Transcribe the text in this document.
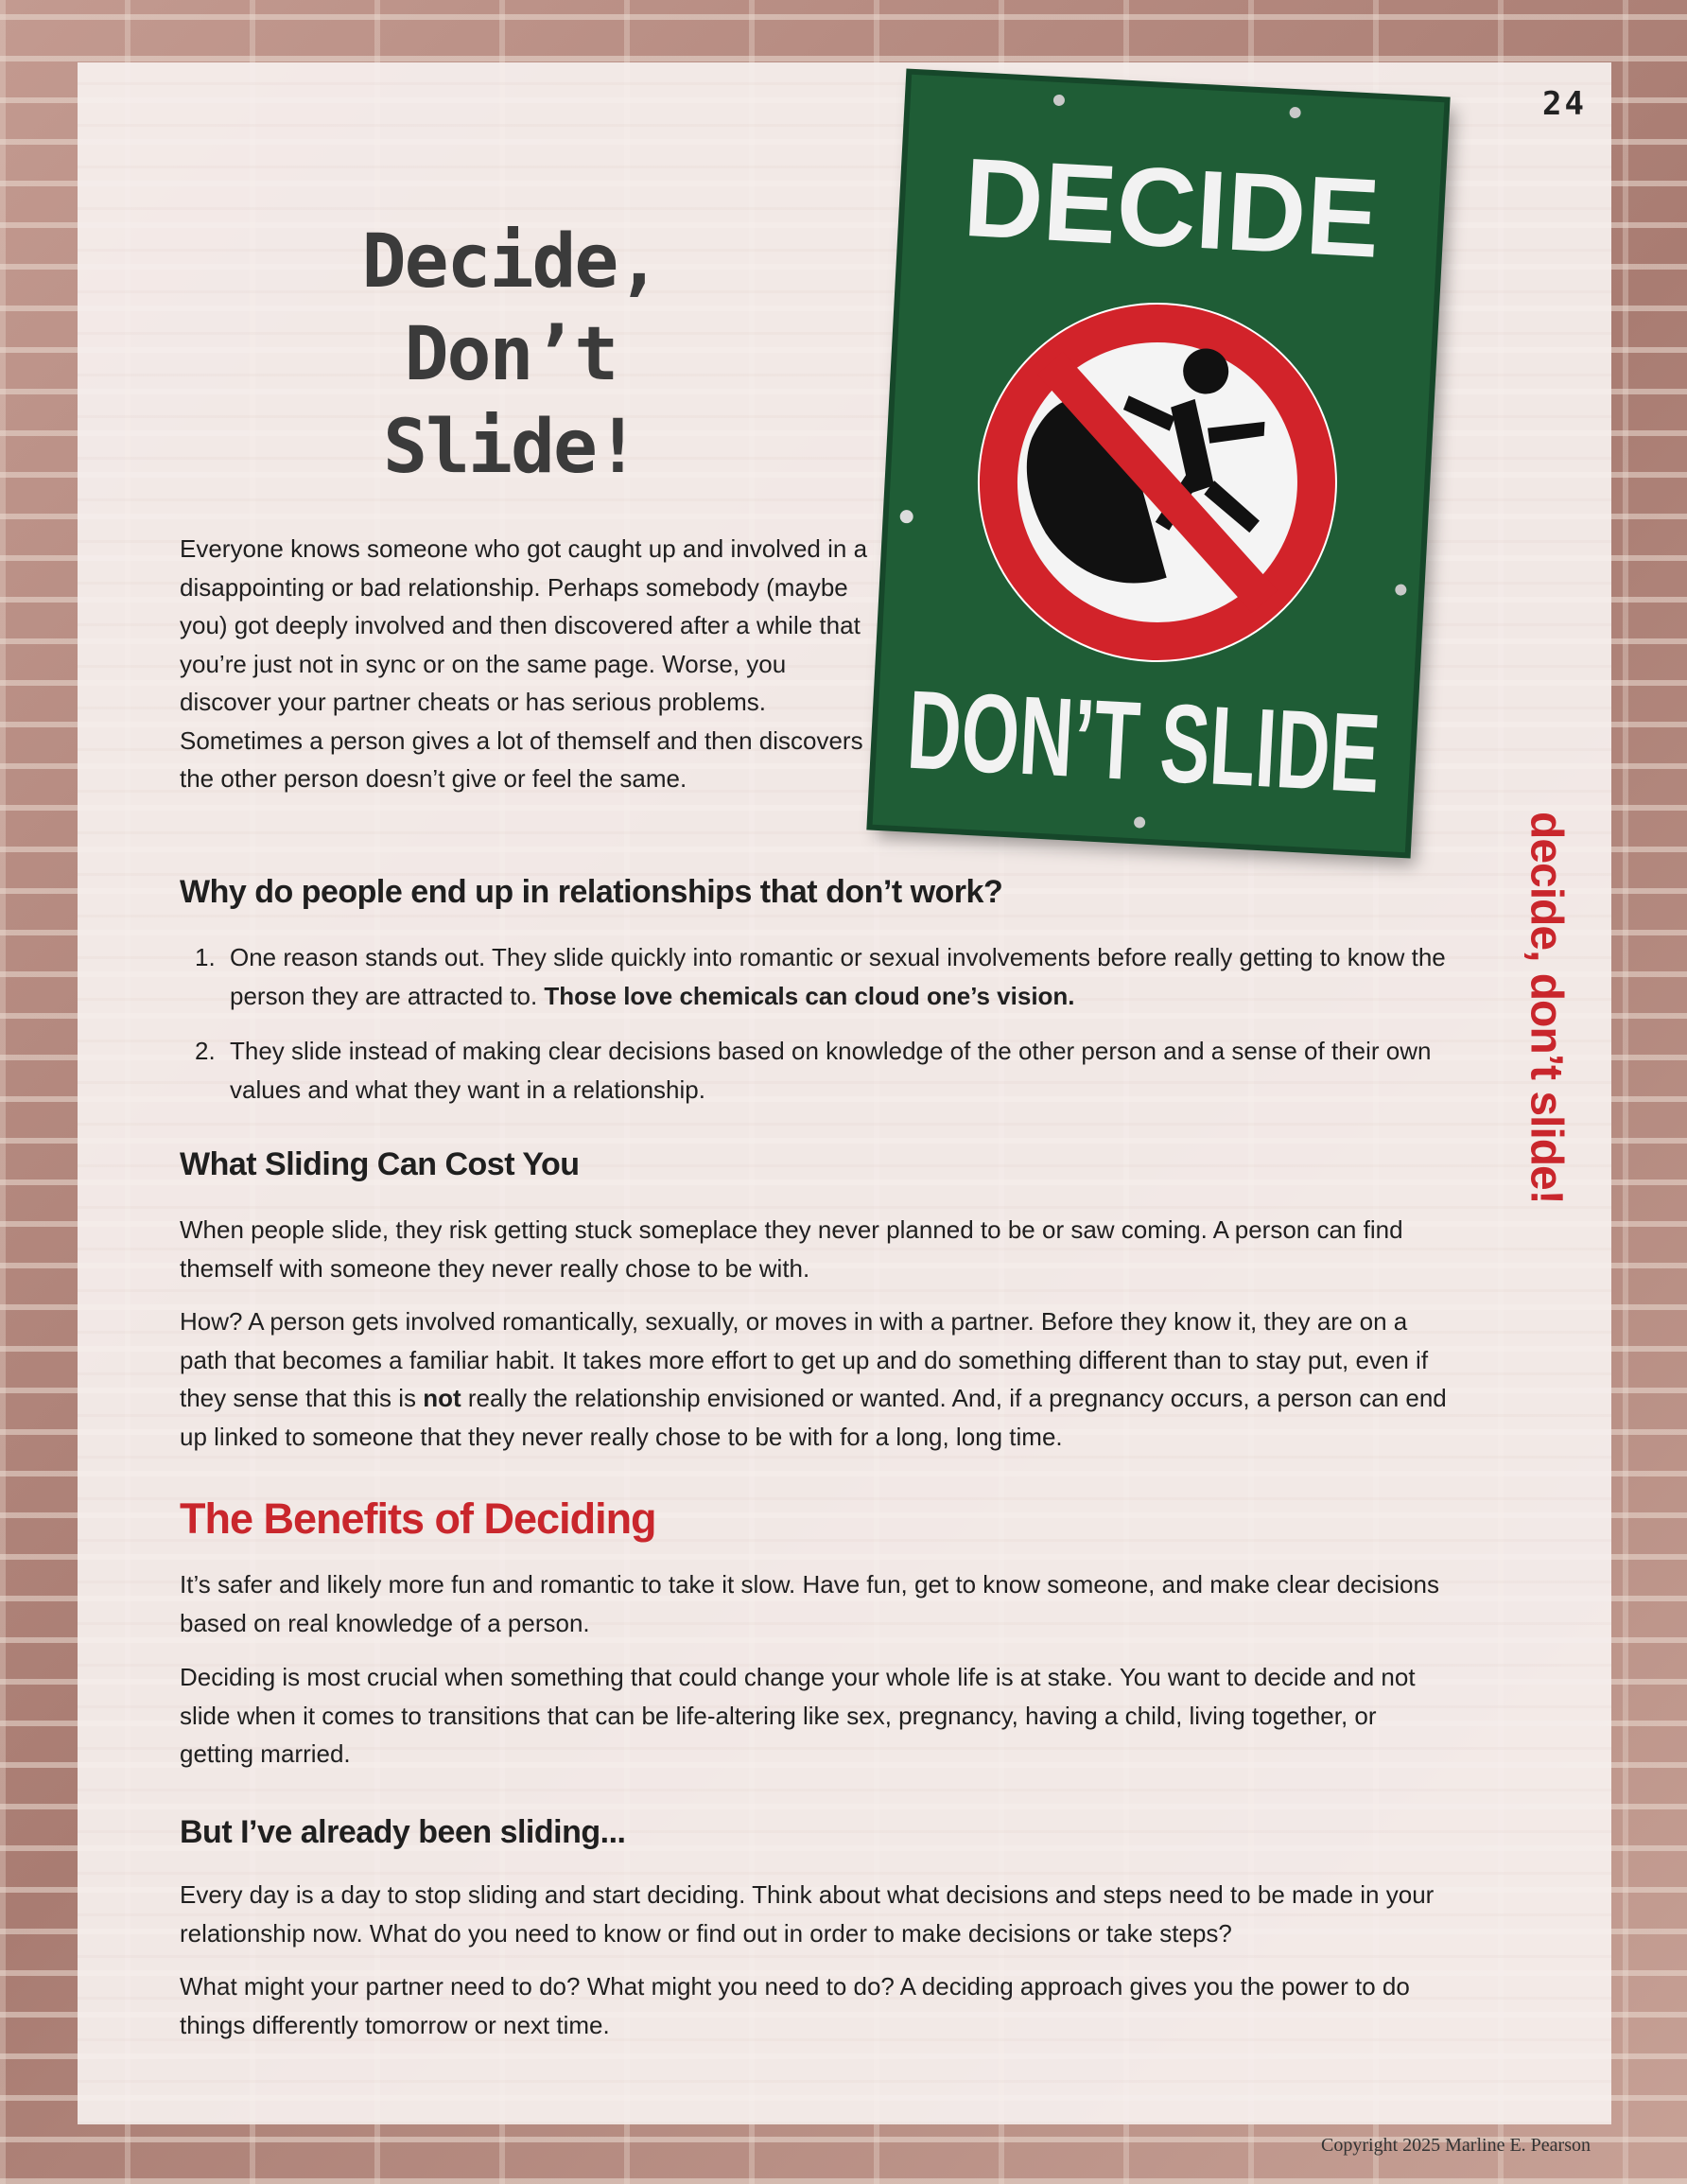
24
Decide,
Don’t Slide!
DECIDE
DON’T SLIDE
decide, don’t slide!

Everyone knows someone who got caught up and involved in a disappointing or bad relationship. Perhaps somebody (maybe you) got deeply involved and then discovered after a while that you’re just not in sync or on the same page. Worse, you discover your partner cheats or has serious problems. Sometimes a person gives a lot of themself and then discovers the other person doesn’t give or feel the same.

Why do people end up in relationships that don’t work?
1. One reason stands out. They slide quickly into romantic or sexual involvements before really getting to know the person they are attracted to. Those love chemicals can cloud one’s vision.
2. They slide instead of making clear decisions based on knowledge of the other person and a sense of their own values and what they want in a relationship.
What Sliding Can Cost You

When people slide, they risk getting stuck someplace they never planned to be or saw coming. A person can find themself with someone they never really chose to be with.

How? A person gets involved romantically, sexually, or moves in with a partner. Before they know it, they are on a path that becomes a familiar habit. It takes more effort to get up and do something different than to stay put, even if they sense that this is not really the relationship envisioned or wanted. And, if a pregnancy occurs, a person can end up linked to someone that they never really chose to be with for a long, long time.

The Benefits of Deciding

It’s safer and likely more fun and romantic to take it slow. Have fun, get to know someone, and make clear decisions based on real knowledge of a person.

Deciding is most crucial when something that could change your whole life is at stake. You want to decide and not slide when it comes to transitions that can be life-altering like sex, pregnancy, having a child, living together, or getting married.

But I’ve already been sliding...

Every day is a day to stop sliding and start deciding. Think about what decisions and steps need to be made in your relationship now. What do you need to know or find out in order to make decisions or take steps?

What might your partner need to do? What might you need to do? A deciding approach gives you the power to do things differently tomorrow or next time.

Copyright 2025 Marline E. Pearson
